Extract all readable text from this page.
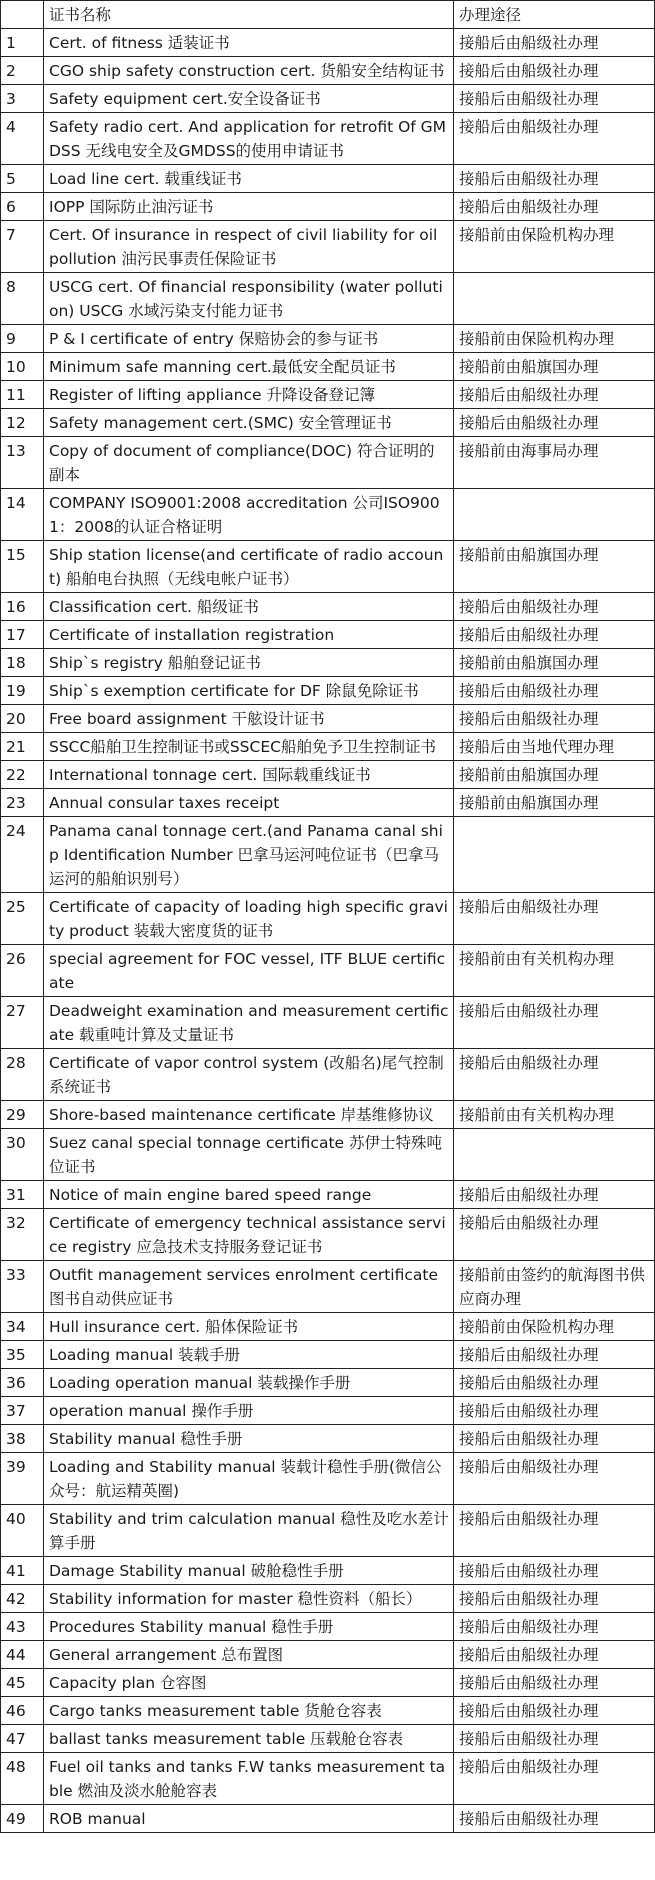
	证书名称	办理途径
1	Cert. of fitness 适装证书	接船后由船级社办理
2	CGO ship safety construction cert. 货船安全结构证书	接船后由船级社办理
3	Safety equipment cert.安全设备证书	接船后由船级社办理
4	Safety radio cert. And application for retrofit Of GMDSS 无线电安全及GMDSS的使用申请证书	接船后由船级社办理
5	Load line cert. 载重线证书	接船后由船级社办理
6	IOPP 国际防止油污证书	接船后由船级社办理
7	Cert. Of insurance in respect of civil liability for oil pollution 油污民事责任保险证书	接船前由保险机构办理
8	USCG cert. Of financial responsibility (water pollution) USCG 水域污染支付能力证书	
9	P & I certificate of entry 保赔协会的参与证书	接船前由保险机构办理
10	Minimum safe manning cert.最低安全配员证书	接船前由船旗国办理
11	Register of lifting appliance 升降设备登记簿	接船后由船级社办理
12	Safety management cert.(SMC) 安全管理证书	接船后由船级社办理
13	Copy of document of compliance(DOC) 符合证明的副本	接船前由海事局办理
14	COMPANY ISO9001:2008 accreditation 公司ISO9001：2008的认证合格证明	
15	Ship station license(and certificate of radio account) 船舶电台执照（无线电帐户证书）	接船前由船旗国办理
16	Classification cert. 船级证书	接船后由船级社办理
17	Certificate of installation registration	接船后由船级社办理
18	Ship`s registry 船舶登记证书	接船前由船旗国办理
19	Ship`s exemption certificate for DF 除鼠免除证书	接船后由船级社办理
20	Free board assignment 干舷设计证书	接船后由船级社办理
21	SSCC船舶卫生控制证书或SSCEC船舶免予卫生控制证书	接船后由当地代理办理
22	International tonnage cert. 国际载重线证书	接船前由船旗国办理
23	Annual consular taxes receipt	接船前由船旗国办理
24	Panama canal tonnage cert.(and Panama canal ship Identification Number 巴拿马运河吨位证书（巴拿马运河的船舶识别号）	
25	Certificate of capacity of loading high specific gravity product 装载大密度货的证书	接船后由船级社办理
26	special agreement for FOC vessel, ITF BLUE certificate	接船前由有关机构办理
27	Deadweight examination and measurement certificate 载重吨计算及丈量证书	接船后由船级社办理
28	Certificate of vapor control system (改船名)尾气控制系统证书	接船后由船级社办理
29	Shore-based maintenance certificate 岸基维修协议	接船前由有关机构办理
30	Suez canal special tonnage certificate 苏伊士特殊吨位证书	
31	Notice of main engine bared speed range	接船后由船级社办理
32	Certificate of emergency technical assistance service registry 应急技术支持服务登记证书	接船后由船级社办理
33	Outfit management services enrolment certificate 图书自动供应证书	接船前由签约的航海图书供应商办理
34	Hull insurance cert. 船体保险证书	接船前由保险机构办理
35	Loading manual 装载手册	接船后由船级社办理
36	Loading operation manual 装载操作手册	接船后由船级社办理
37	operation manual 操作手册	接船后由船级社办理
38	Stability manual 稳性手册	接船后由船级社办理
39	Loading and Stability manual 装载计稳性手册(微信公众号：航运精英圈)	接船后由船级社办理
40	Stability and trim calculation manual 稳性及吃水差计算手册	接船后由船级社办理
41	Damage Stability manual 破舱稳性手册	接船后由船级社办理
42	Stability information for master 稳性资料（船长）	接船后由船级社办理
43	Procedures Stability manual 稳性手册	接船后由船级社办理
44	General arrangement 总布置图	接船后由船级社办理
45	Capacity plan 仓容图	接船后由船级社办理
46	Cargo tanks measurement table 货舱仓容表	接船后由船级社办理
47	ballast tanks measurement table 压载舱仓容表	接船后由船级社办理
48	Fuel oil tanks and tanks F.W tanks measurement table 燃油及淡水舱舱容表	接船后由船级社办理
49	ROB manual	接船后由船级社办理
